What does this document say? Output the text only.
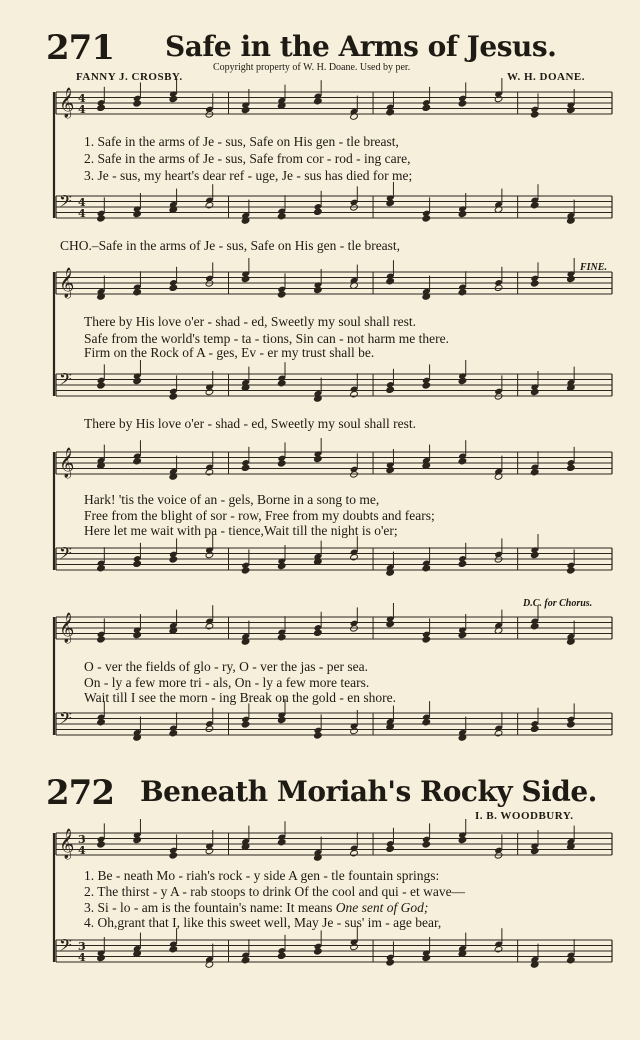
271 Safe in the Arms of Jesus.
Copyright property of W. H. Doane. Used by per.
FANNY J. CROSBY.	W. H. DOANE.
1. Safe in the arms of Je - sus, Safe on His gen - tle breast,
2. Safe in the arms of Je - sus, Safe from cor - rod - ing care,
3. Je - sus, my heart's dear ref - uge, Je - sus has died for me;
CHO.–Safe in the arms of Je - sus, Safe on His gen - tle breast,
FINE.
There by His love o'er - shad - ed, Sweetly my soul shall rest.
Safe from the world's temp - ta - tions, Sin can - not harm me there.
Firm on the Rock of A - ges, Ev - er my trust shall be.
There by His love o'er - shad - ed, Sweetly my soul shall rest.
Hark! 'tis the voice of an - gels, Borne in a song to me,
Free from the blight of sor - row, Free from my doubts and fears;
Here let me wait with pa - tience,Wait till the night is o'er;
D.C. for Chorus.
O - ver the fields of glo - ry, O - ver the jas - per sea.
On - ly a few more tri - als, On - ly a few more tears.
Wait till I see the morn - ing Break on the gold - en shore.
272 Beneath Moriah's Rocky Side.
I. B. WOODBURY.
1. Be - neath Mo - riah's rock - y side A gen - tle fountain springs:
2. The thirst - y A - rab stoops to drink Of the cool and qui - et wave—
3. Si - lo - am is the fountain's name: It means One sent of God;
4. Oh,grant that I, like this sweet well, May Je - sus' im - age bear,
𝄞 4
4
𝄢 4
4
𝄞
𝄢
𝄞
𝄢
𝄞
𝄢
𝄞 3
4
𝄢 3
4
